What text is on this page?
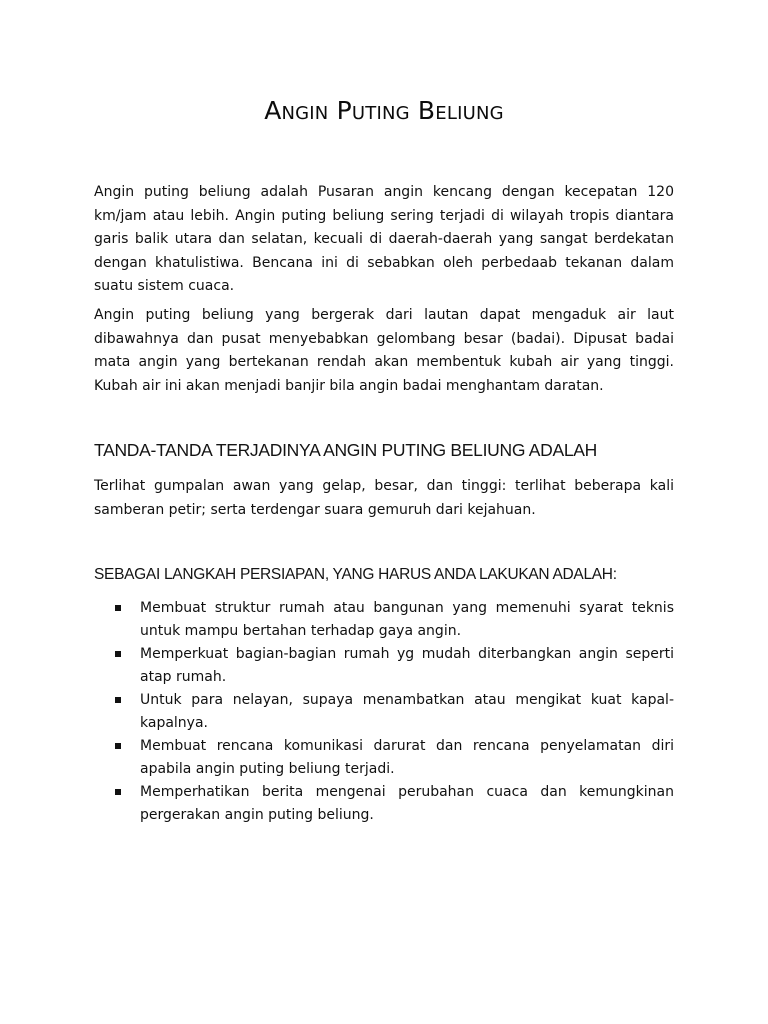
Angin Puting Beliung

Angin puting beliung adalah Pusaran angin kencang dengan kecepatan 120 km/jam atau lebih. Angin puting beliung sering terjadi di wilayah tropis diantara garis balik utara dan selatan, kecuali di daerah-daerah yang sangat berdekatan dengan khatulistiwa. Bencana ini di sebabkan oleh perbedaab tekanan dalam suatu sistem cuaca.

Angin puting beliung yang bergerak dari lautan dapat mengaduk air laut dibawahnya dan pusat menyebabkan gelombang besar (badai). Dipusat badai mata angin yang bertekanan rendah akan membentuk kubah air yang tinggi. Kubah air ini akan menjadi banjir bila angin badai menghantam daratan.

TANDA-TANDA TERJADINYA ANGIN PUTING BELIUNG ADALAH

Terlihat gumpalan awan yang gelap, besar, dan tinggi: terlihat beberapa kali samberan petir; serta terdengar suara gemuruh dari kejahuan.

SEBAGAI LANGKAH PERSIAPAN, YANG HARUS ANDA LAKUKAN ADALAH:
Membuat struktur rumah atau bangunan yang memenuhi syarat teknis untuk mampu bertahan terhadap gaya angin.
Memperkuat bagian-bagian rumah yg mudah diterbangkan angin seperti atap rumah.
Untuk para nelayan, supaya menambatkan atau mengikat kuat kapal-kapalnya.
Membuat rencana komunikasi darurat dan rencana penyelamatan diri apabila angin puting beliung terjadi.
Memperhatikan berita mengenai perubahan cuaca dan kemungkinan pergerakan angin puting beliung.
